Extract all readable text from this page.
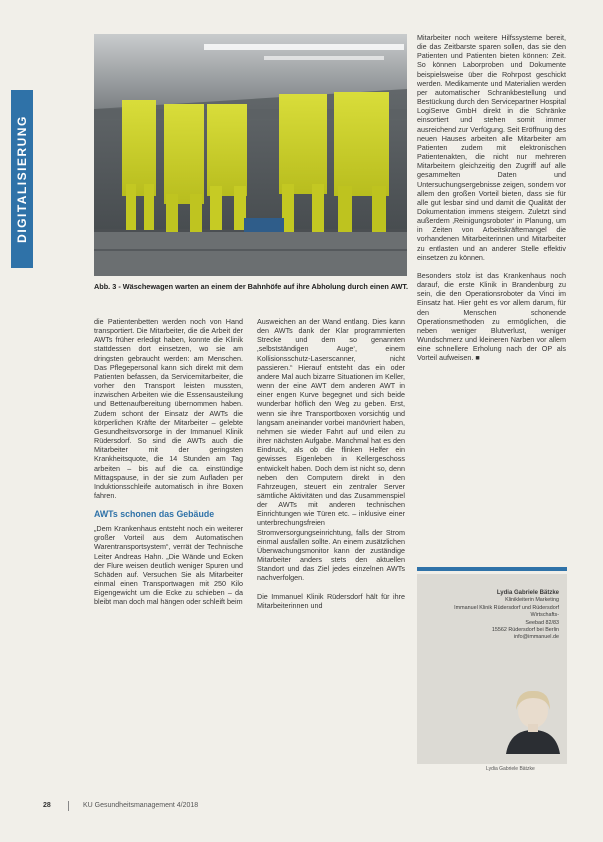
DIGITALISIERUNG
Abb. 3 - Wäschewagen warten an einem der Bahnhöfe auf ihre Abholung durch einen AWT.

die Patientenbetten werden noch von Hand transportiert. Die Mitarbeiter, die die Arbeit der AWTs früher erledigt haben, konnte die Klinik stattdessen dort einsetzen, wo sie am dringsten gebraucht werden: am Menschen. Das Pflegepersonal kann sich direkt mit dem Patienten befassen, da Servicemitarbeiter, die vorher den Transport leisten mussten, inzwischen Arbeiten wie die Essensausteilung und Bettenaufbereitung übernommen haben. Zudem schont der Einsatz der AWTs die körperlichen Kräfte der Mitarbeiter – gelebte Gesundheitsvorsorge in der Immanuel Klinik Rüdersdorf. So sind die AWTs auch die Mitarbeiter mit der geringsten Krankheitsquote, die 14 Stunden am Tag arbeiten – bis auf die ca. einstündige Mittagspause, in der sie zum Aufladen per Induktionsschleife automatisch in ihre Boxen fahren.

AWTs schonen das Gebäude

„Dem Krankenhaus entsteht noch ein weiterer großer Vorteil aus dem Automatischen Warentransportsystem“, verrät der Technische Leiter Andreas Hahn. „Die Wände und Ecken der Flure weisen deutlich weniger Spuren und Schäden auf. Versuchen Sie als Mitarbeiter einmal einen Transportwagen mit 250 Kilo Eigengewicht um die Ecke zu schieben – da bleibt man doch mal hängen oder schleift beim

Ausweichen an der Wand entlang. Dies kann den AWTs dank der Klar programmierten Strecke und dem so genannten ‚selbstständigen Auge‘, einem Kollisionsschutz-Laserscanner, nicht passieren.“ Hierauf entsteht das ein oder andere Mal auch bizarre Situationen im Keller, wenn der eine AWT dem anderen AWT in einer engen Kurve begegnet und sich beide wunderbar höflich den Weg zu geben. Erst, wenn sie ihre Transportboxen vorsichtig und langsam aneinander vorbei manövriert haben, nehmen sie wieder Fahrt auf und eilen zu ihrer nächsten Aufgabe. Manchmal hat es den Eindruck, als ob die flinken Helfer ein gewisses Eigenleben in Kellergeschoss entwickelt haben. Doch dem ist nicht so, denn neben den Computern direkt in den Fahrzeugen, steuert ein zentraler Server sämtliche Aktivitäten und das Zusammenspiel der AWTs mit anderen technischen Einrichtungen wie Türen etc. – inklusive einer unterbrechungsfreien Stromversorgungseinrichtung, falls der Strom einmal ausfallen sollte. An einem zusätzlichen Überwachungsmonitor kann der zuständige Mitarbeiter anders stets den aktuellen Standort und das Ziel jedes einzelnen AWTs nachverfolgen.

Die Immanuel Klinik Rüdersdorf hält für ihre Mitarbeiterinnen und

Mitarbeiter noch weitere Hilfssysteme bereit, die das Zeitbarste sparen sollen, das sie den Patienten und Patienten bieten können: Zeit. So können Laborproben und Dokumente beispielsweise über die Rohrpost geschickt werden. Medikamente und Materialien werden per automatischer Schrankbestellung und Bestückung durch den Servicepartner Hospital LogiServe GmbH direkt in die Schränke einsortiert und stehen somit immer ausreichend zur Verfügung. Seit Eröffnung des neuen Hauses arbeiten alle Mitarbeiter am Patienten zudem mit elektronischen Patientenakten, die nicht nur mehreren Mitarbeitern gleichzeitig den Zugriff auf alle gesammelten Daten und Untersuchungsergebnisse zeigen, sondern vor allem den großen Vorteil bieten, dass sie für alle gut lesbar sind und damit die Qualität der Dokumentation immens steigern. Zuletzt sind außerdem ‚Reinigungsroboter‘ in Planung, um in Zeiten von Arbeitskräftemangel die vorhandenen Mitarbeiterinnen und Mitarbeiter zu entlasten und an anderer Stelle effektiv einsetzen zu können.

Besonders stolz ist das Krankenhaus noch darauf, die erste Klinik in Brandenburg zu sein, die den Operationsroboter da Vinci im Einsatz hat. Hier geht es vor allem darum, für den Menschen schonende Operationsmethoden zu ermöglichen, die neben weniger Blutverlust, weniger Wundschmerz und kleineren Narben vor allem eine schnellere Erholung nach der OP als Vorteil aufweisen. ■

Lydia Gabriele Bätzke
Klinikleiterin Marketing
Immanuel Klinik Rüdersdorf und Rüdersdorf
Wirtschafts-
Seebad 82/83
15562 Rüdersdorf bei Berlin
info@immanuel.de
Lydia Gabriele Bätzke
28	KU Gesundheitsmanagement 4/2018
